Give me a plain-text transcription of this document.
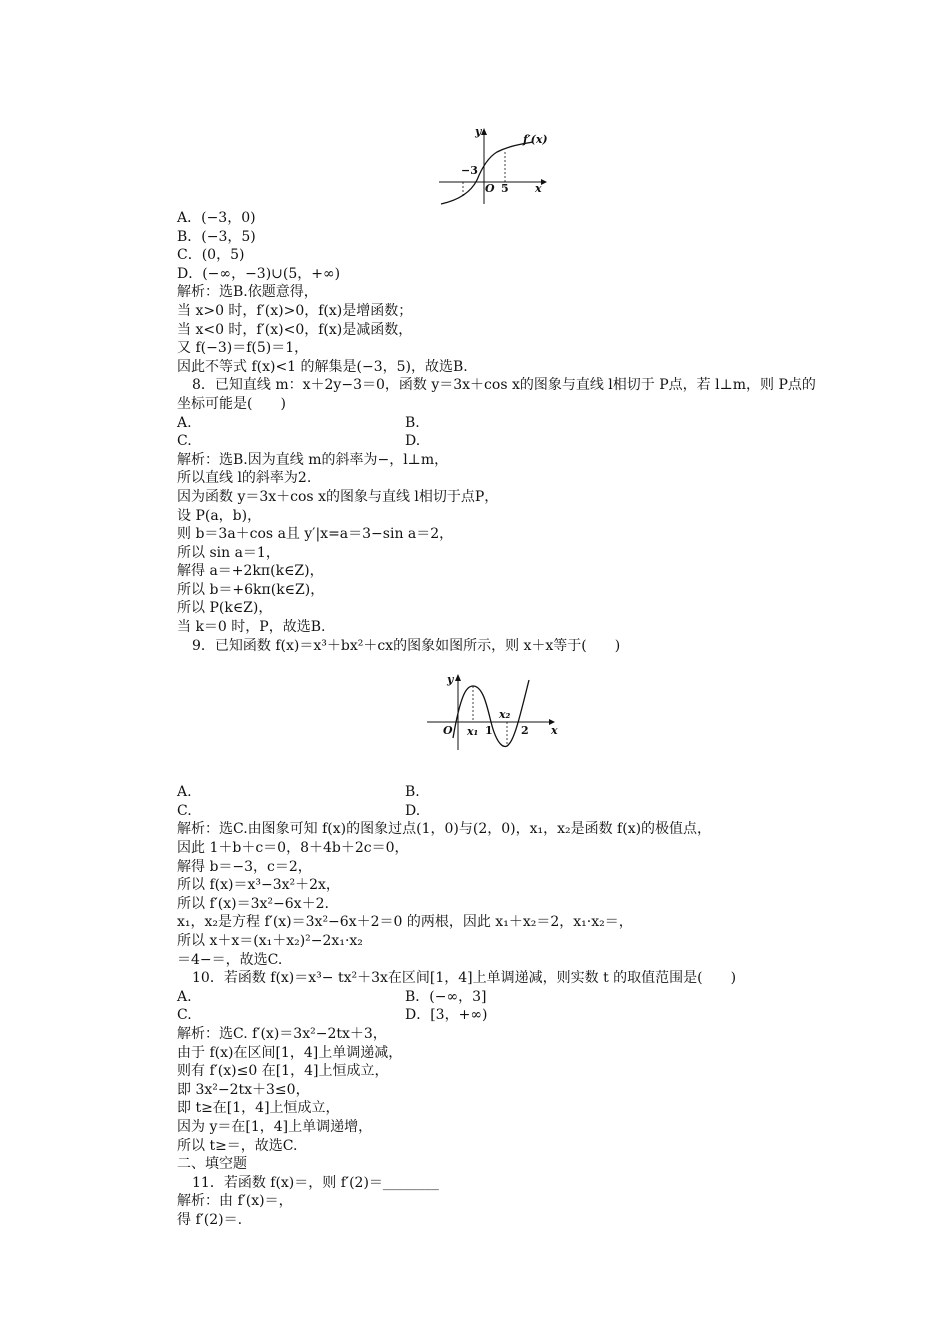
y
x
f′(x)
−3
O 5
y
x
O x₁ 1
x₂
2
A．(−3，0)
B．(−3，5)
C．(0，5)
D．(−∞，−3)∪(5，+∞)
解析：选B.依题意得，
当 x>0 时，f′(x)>0，f(x)是增函数；
当 x<0 时，f′(x)<0，f(x)是减函数，
又 f(−3)＝f(5)＝1，
因此不等式 f(x)<1 的解集是(−3，5)，故选B.
8．已知直线 m：x＋2y−3＝0，函数 y＝3x＋cos x的图象与直线 l相切于 P点，若 l⊥m，则 P点的坐标可能是(　　)
A.	B.
C.	D.
解析：选B.因为直线 m的斜率为−，l⊥m，
所以直线 l的斜率为2.
因为函数 y＝3x＋cos x的图象与直线 l相切于点P，
设 P(a，b)，
则 b＝3a＋cos a且 y′|x=a＝3−sin a＝2，
所以 sin a＝1，
解得 a＝+2kπ(k∈Z)，
所以 b＝+6kπ(k∈Z)，
所以 P(k∈Z)，
当 k＝0 时，P，故选B.
9．已知函数 f(x)＝x³＋bx²＋cx的图象如图所示，则 x＋x等于(　　)
A.	B.
C.	D.
解析：选C.由图象可知 f(x)的图象过点(1，0)与(2，0)，x₁，x₂是函数 f(x)的极值点，
因此 1＋b＋c＝0，8＋4b＋2c＝0，
解得 b＝−3，c＝2，
所以 f(x)＝x³−3x²＋2x，
所以 f′(x)＝3x²−6x＋2.
x₁，x₂是方程 f′(x)＝3x²−6x＋2＝0 的两根，因此 x₁＋x₂＝2，x₁·x₂＝，
所以 x＋x＝(x₁＋x₂)²−2x₁·x₂
＝4−＝，故选C.
10．若函数 f(x)＝x³− tx²＋3x在区间[1，4]上单调递减，则实数 t 的取值范围是(　　)
A.	B．(−∞，3]
C.	D．[3，+∞)
解析：选C. f′(x)＝3x²−2tx＋3，
由于 f(x)在区间[1，4]上单调递减，
则有 f′(x)≤0 在[1，4]上恒成立，
即 3x²−2tx＋3≤0，
即 t≥在[1，4]上恒成立，
因为 y＝在[1，4]上单调递增，
所以 t≥＝，故选C.
二、填空题
11．若函数 f(x)＝，则 f′(2)＝________
解析：由 f′(x)＝，
得 f′(2)＝.
